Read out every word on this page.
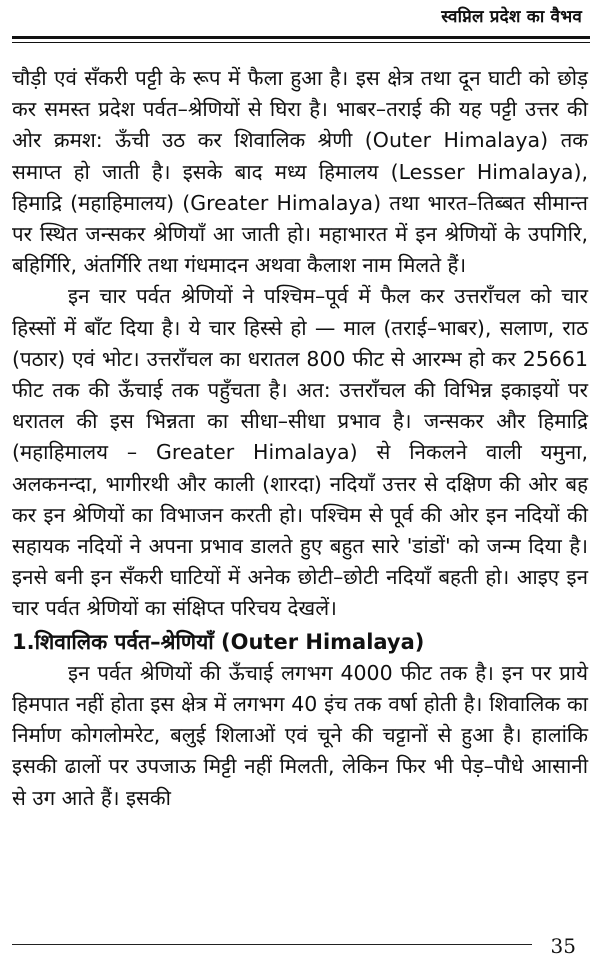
स्वप्निल प्रदेश का वैभव

चौड़ी एवं सँकरी पट्टी के रूप में फैला हुआ है। इस क्षेत्र तथा दून घाटी को छोड़ कर समस्त प्रदेश पर्वत–श्रेणियों से घिरा है। भाबर–तराई की यह पट्टी उत्तर की ओर क्रमश: ऊँची उठ कर शिवालिक श्रेणी (Outer Himalaya) तक समाप्त हो जाती है। इसके बाद मध्य हिमालय (Lesser Himalaya), हिमाद्रि (महाहिमालय) (Greater Himalaya) तथा भारत–तिब्बत सीमान्त पर स्थित जन्सकर श्रेणियाँ आ जाती हो। महाभारत में इन श्रेणियों के उपगिरि, बहिर्गिरि, अंतर्गिरि तथा गंधमादन अथवा कैलाश नाम मिलते हैं।

इन चार पर्वत श्रेणियों ने पश्चिम–पूर्व में फैल कर उत्तराँचल को चार हिस्सों में बाँट दिया है। ये चार हिस्से हो — माल (तराई–भाबर), सलाण, राठ (पठार) एवं भोट। उत्तराँचल का धरातल 800 फीट से आरम्भ हो कर 25661 फीट तक की ऊँचाई तक पहुँचता है। अत: उत्तराँचल की विभिन्न इकाइयों पर धरातल की इस भिन्नता का सीधा–सीधा प्रभाव है। जन्सकर और हिमाद्रि (महाहिमालय – Greater Himalaya) से निकलने वाली यमुना, अलकनन्दा, भागीरथी और काली (शारदा) नदियाँ उत्तर से दक्षिण की ओर बह कर इन श्रेणियों का विभाजन करती हो। पश्चिम से पूर्व की ओर इन नदियों की सहायक नदियों ने अपना प्रभाव डालते हुए बहुत सारे 'डांडों' को जन्म दिया है। इनसे बनी इन सँकरी घाटियों में अनेक छोटी–छोटी नदियाँ बहती हो। आइए इन चार पर्वत श्रेणियों का संक्षिप्त परिचय देखलें।

1.शिवालिक पर्वत–श्रेणियाँ (Outer Himalaya)

इन पर्वत श्रेणियों की ऊँचाई लगभग 4000 फीट तक है। इन पर प्राये हिमपात नहीं होता इस क्षेत्र में लगभग 40 इंच तक वर्षा होती है। शिवालिक का निर्माण कोगलोमरेट, बलुई शिलाओं एवं चूने की चट्टानों से हुआ है। हालांकि इसकी ढालों पर उपजाऊ मिट्टी नहीं मिलती, लेकिन फिर भी पेड़–पौधे आसानी से उग आते हैं। इसकी

35
